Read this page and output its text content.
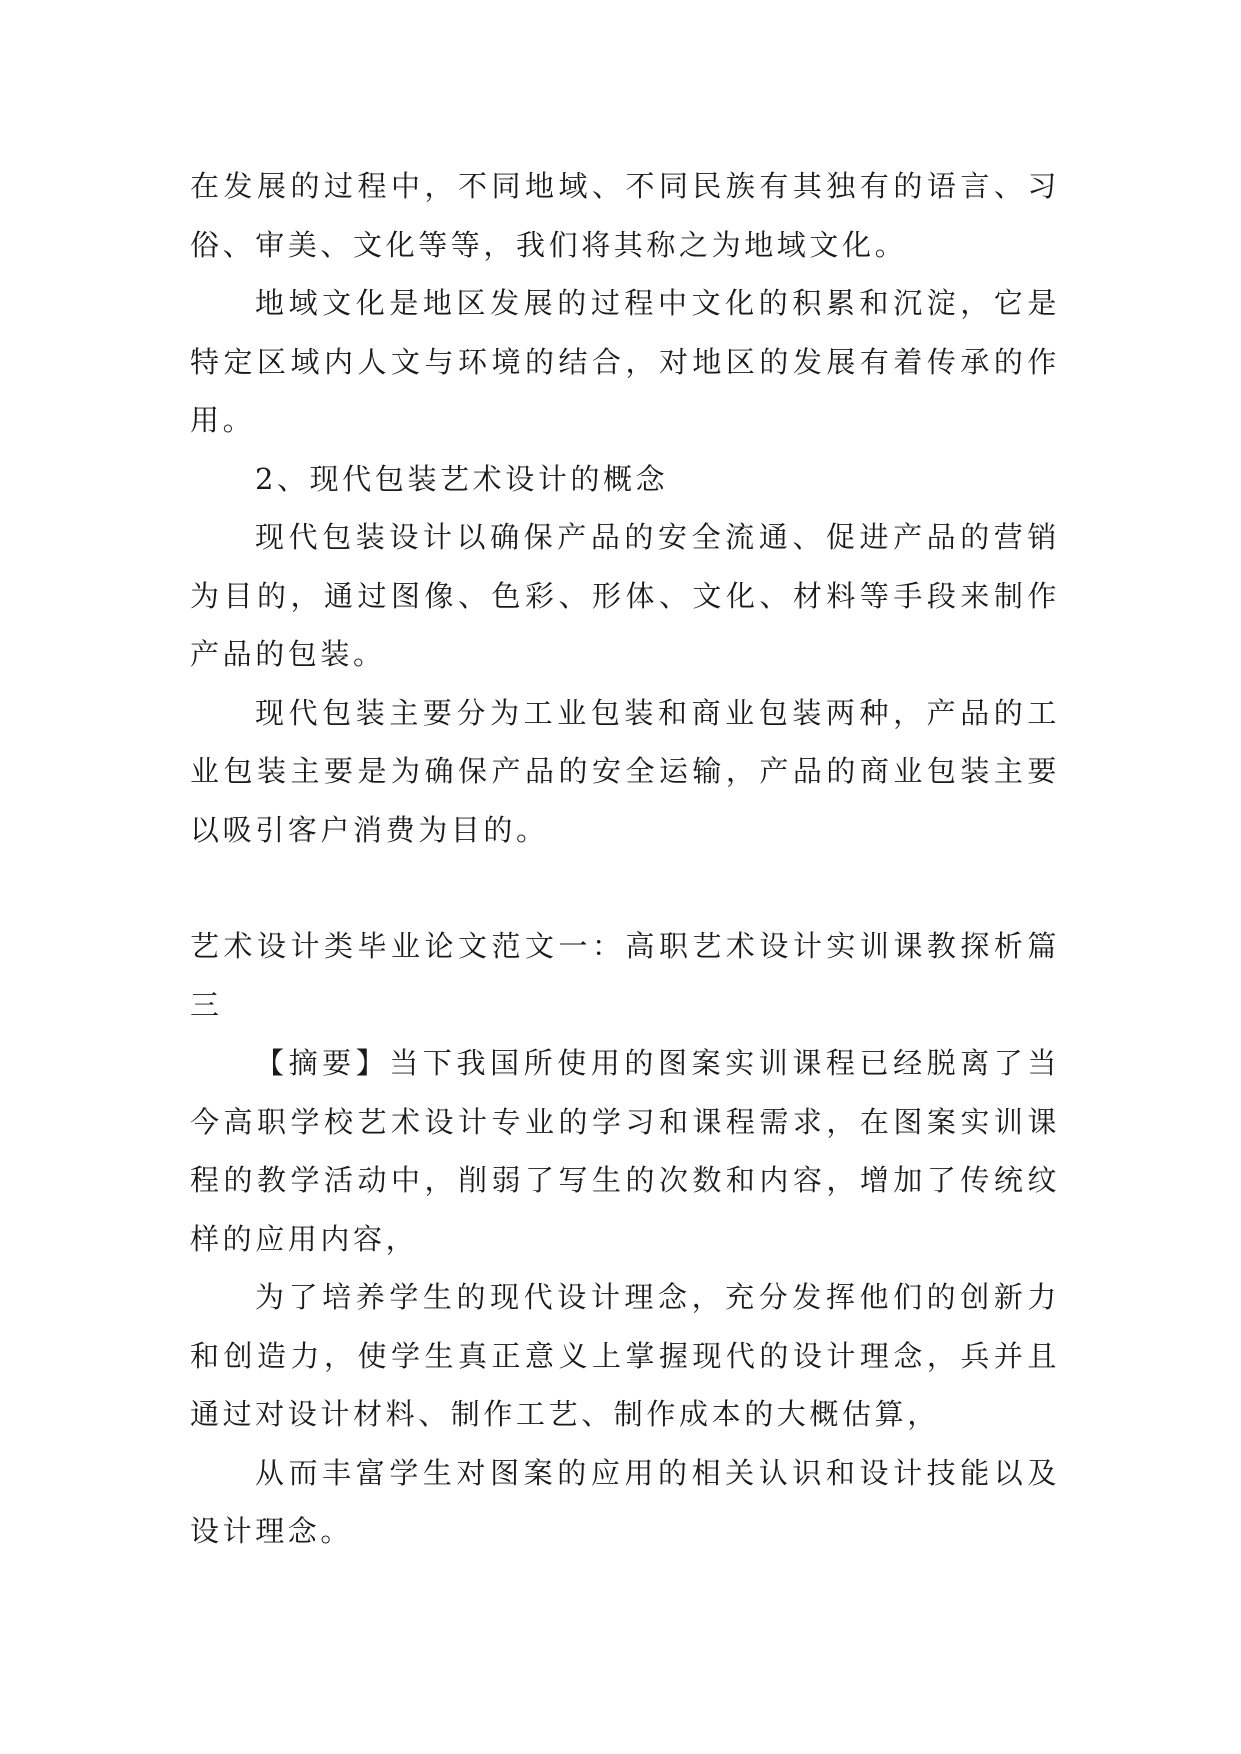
在发展的过程中，不同地域、不同民族有其独有的语言、习俗、审美、文化等等，我们将其称之为地域文化。

地域文化是地区发展的过程中文化的积累和沉淀，它是特定区域内人文与环境的结合，对地区的发展有着传承的作用。

2、现代包装艺术设计的概念

现代包装设计以确保产品的安全流通、促进产品的营销为目的，通过图像、色彩、形体、文化、材料等手段来制作产品的包装。

现代包装主要分为工业包装和商业包装两种，产品的工业包装主要是为确保产品的安全运输，产品的商业包装主要以吸引客户消费为目的。

艺术设计类毕业论文范文一：高职艺术设计实训课教探析篇三

【摘要】当下我国所使用的图案实训课程已经脱离了当今高职学校艺术设计专业的学习和课程需求，在图案实训课程的教学活动中，削弱了写生的次数和内容，增加了传统纹样的应用内容，

为了培养学生的现代设计理念，充分发挥他们的创新力和创造力，使学生真正意义上掌握现代的设计理念，兵并且通过对设计材料、制作工艺、制作成本的大概估算，

从而丰富学生对图案的应用的相关认识和设计技能以及设计理念。
